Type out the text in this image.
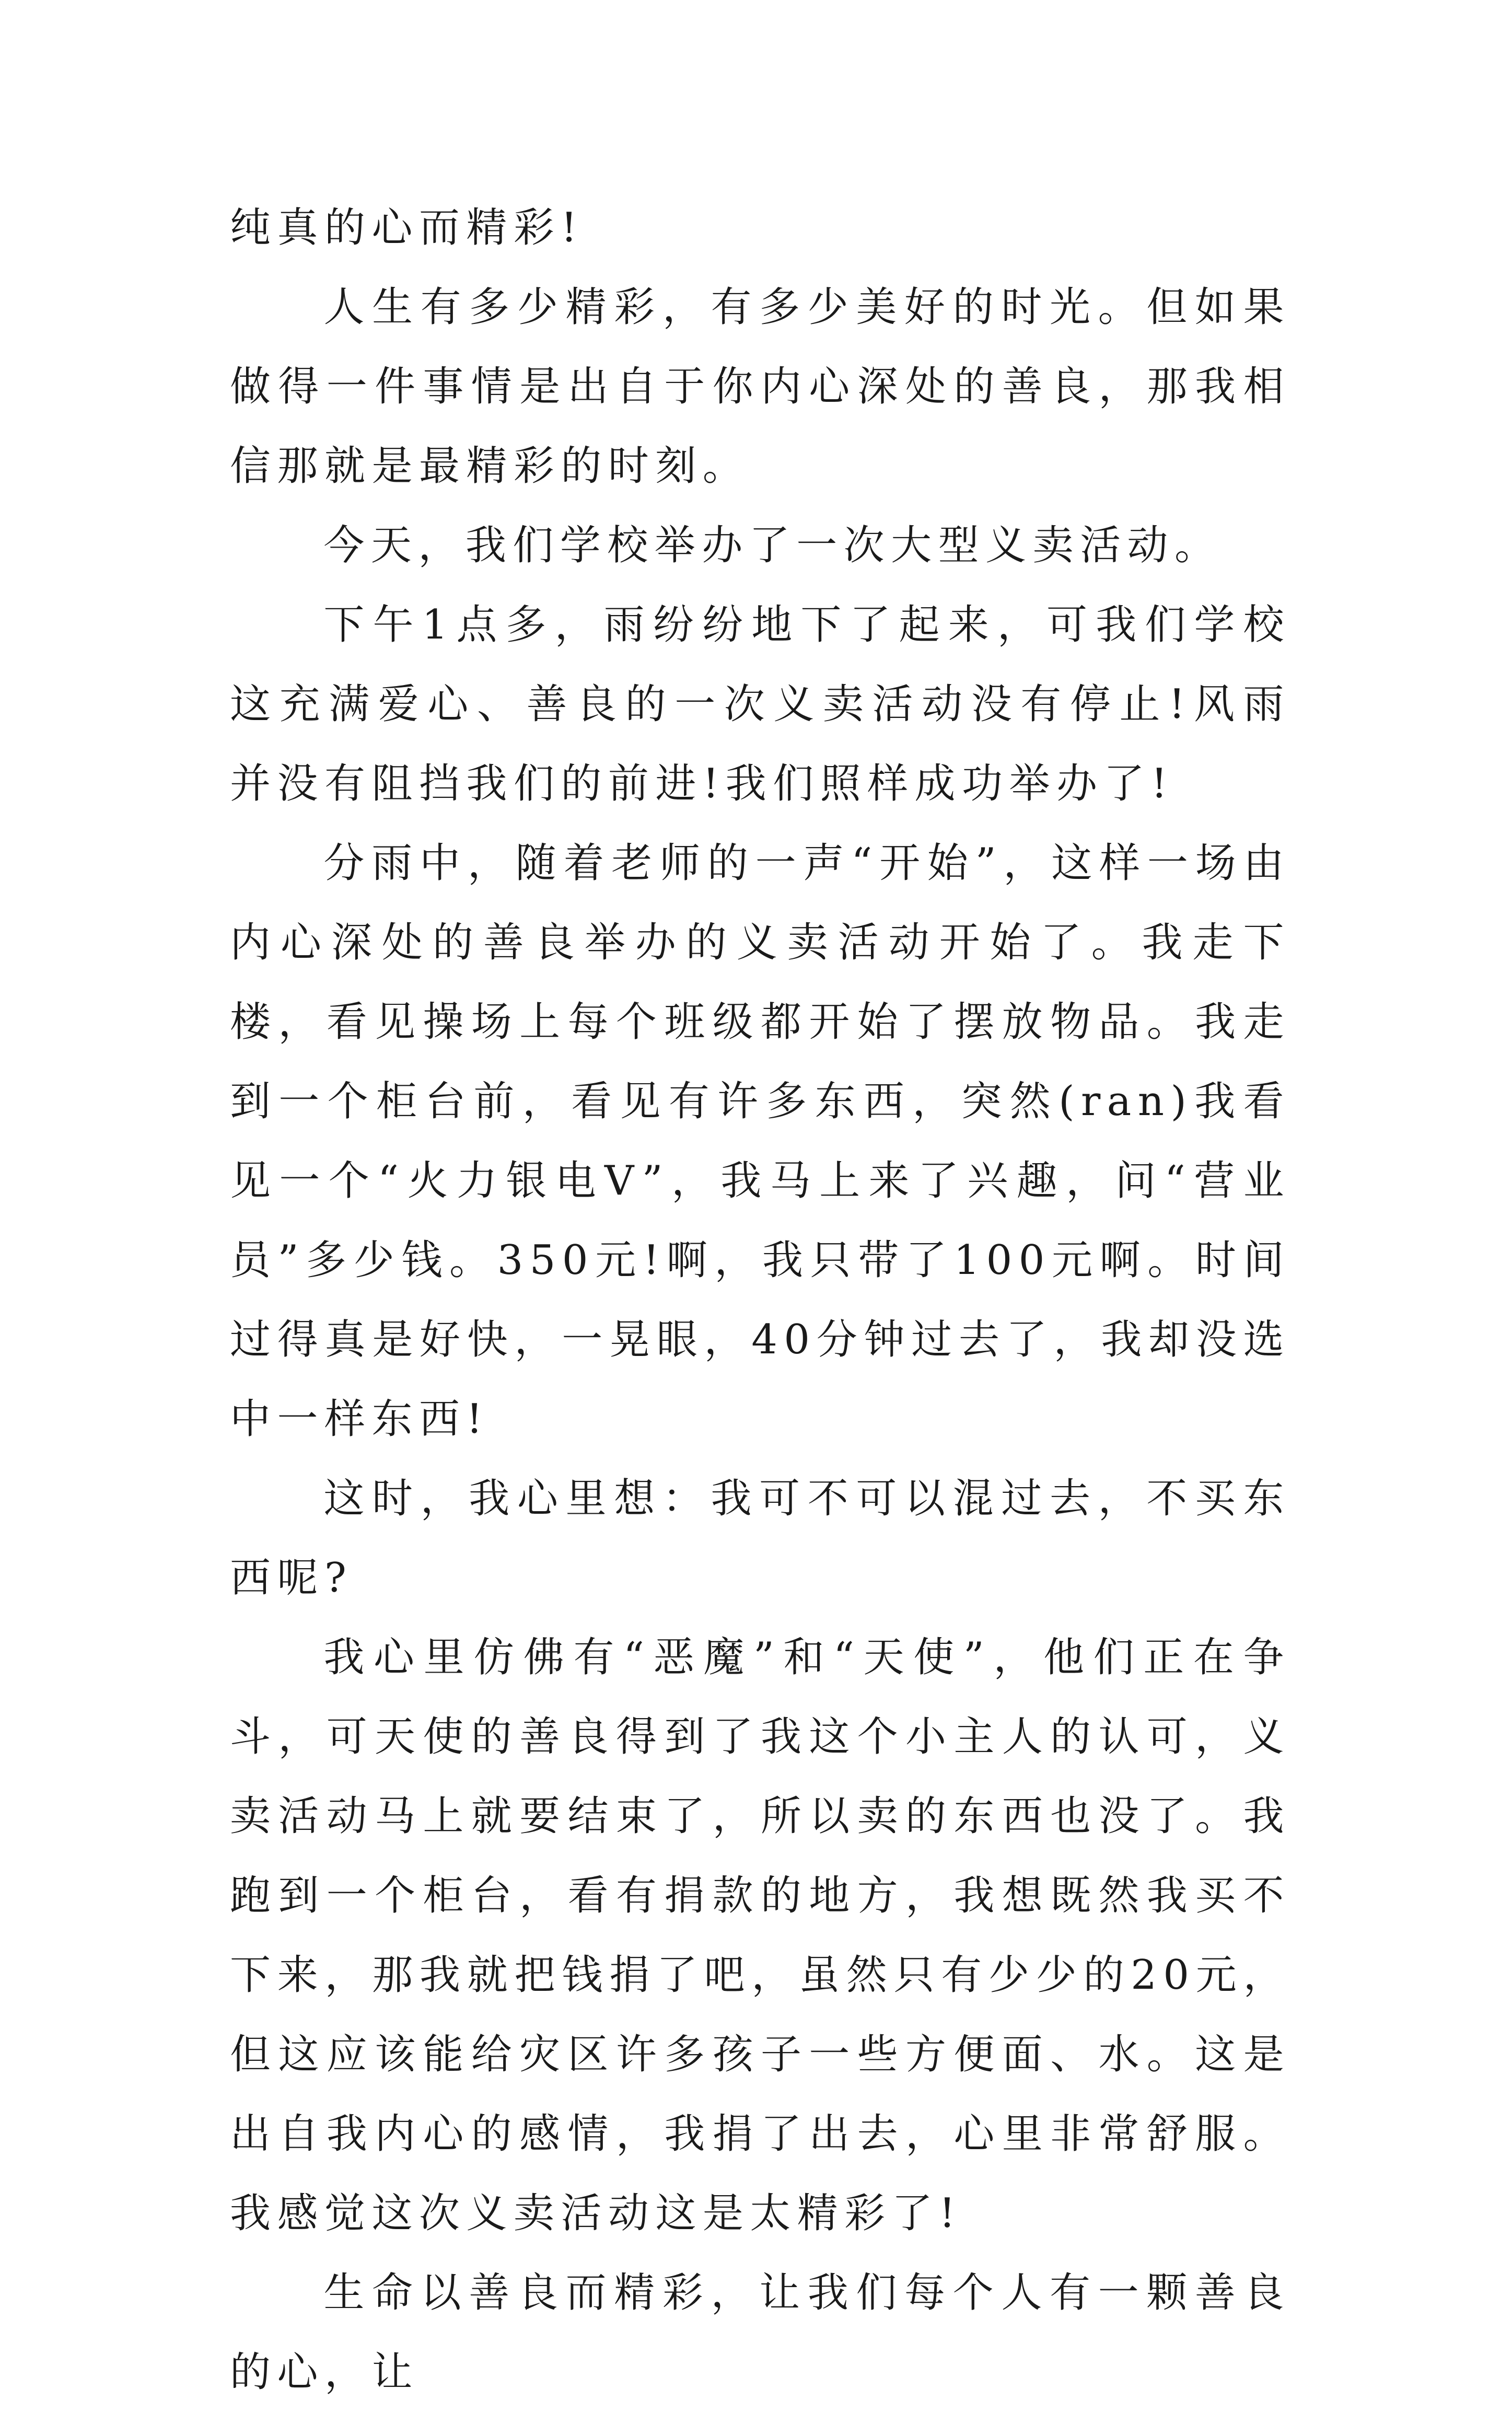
纯真的心而精彩!

人生有多少精彩，有多少美好的时光。但如果做得一件事情是出自于你内心深处的善良，那我相信那就是最精彩的时刻。

今天，我们学校举办了一次大型义卖活动。

下午1点多，雨纷纷地下了起来，可我们学校这充满爱心、善良的一次义卖活动没有停止!风雨并没有阻挡我们的前进!我们照样成功举办了!

分雨中，随着老师的一声“开始”，这样一场由内心深处的善良举办的义卖活动开始了。我走下楼，看见操场上每个班级都开始了摆放物品。我走到一个柜台前，看见有许多东西，突然(ran)我看见一个“火力银电V”，我马上来了兴趣，问“营业员”多少钱。350元!啊，我只带了100元啊。时间过得真是好快，一晃眼，40分钟过去了，我却没选中一样东西!

这时，我心里想：我可不可以混过去，不买东西呢?

我心里仿佛有“恶魔”和“天使”，他们正在争斗，可天使的善良得到了我这个小主人的认可，义卖活动马上就要结束了，所以卖的东西也没了。我跑到一个柜台，看有捐款的地方，我想既然我买不下来，那我就把钱捐了吧，虽然只有少少的20元，但这应该能给灾区许多孩子一些方便面、水。这是出自我内心的感情，我捐了出去，心里非常舒服。我感觉这次义卖活动这是太精彩了!

生命以善良而精彩，让我们每个人有一颗善良的心，让
